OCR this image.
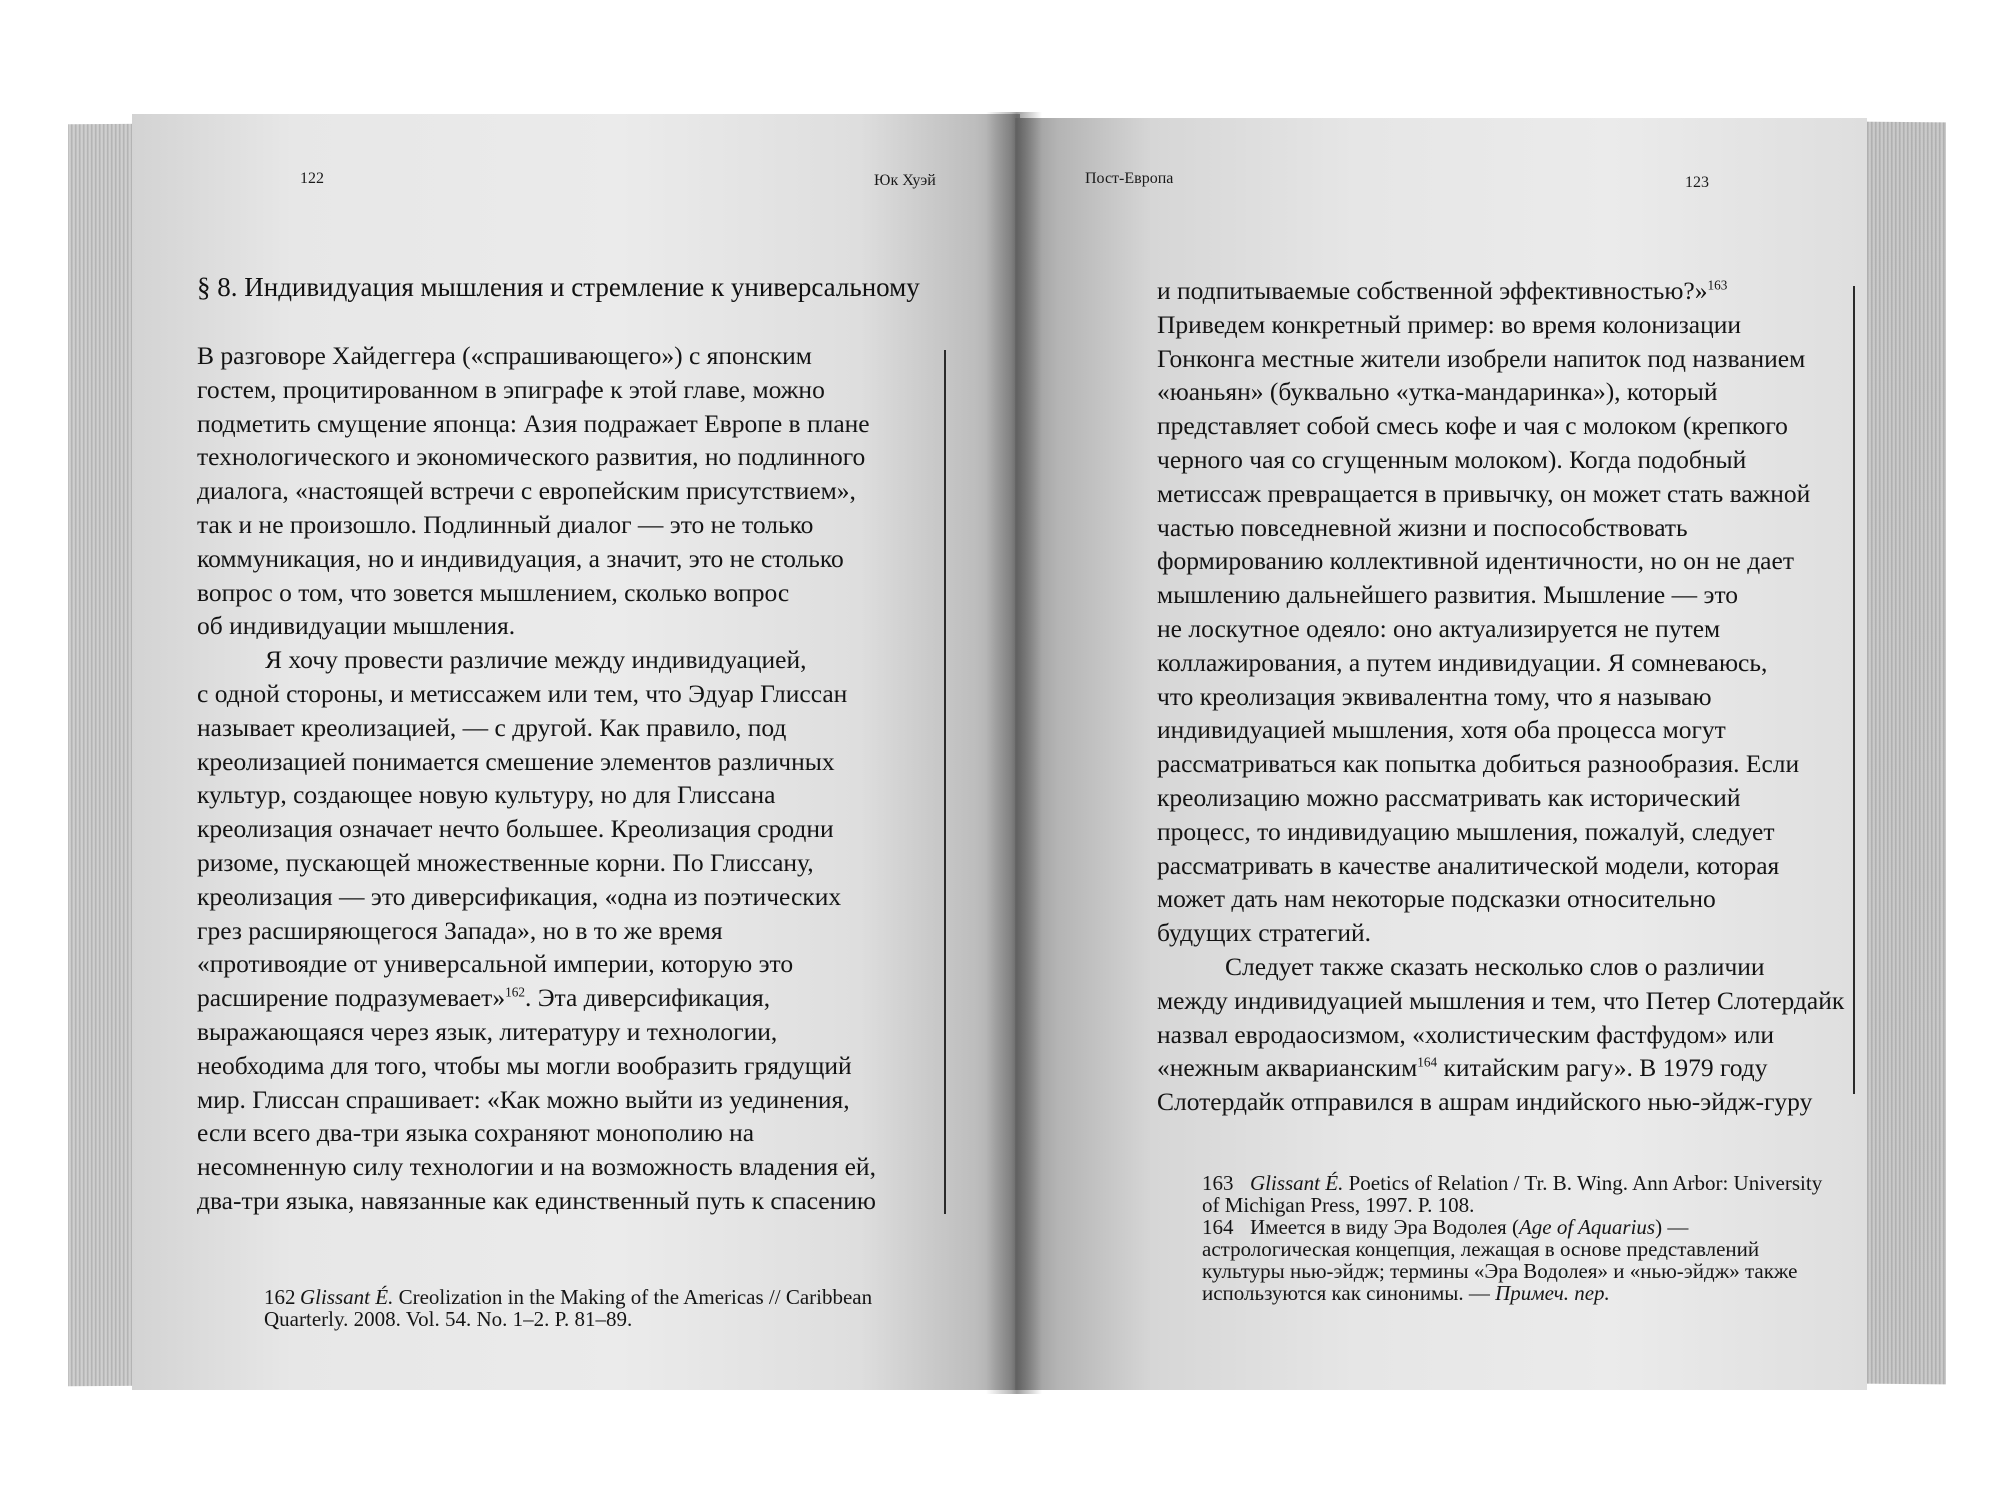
122	Юк Хуэй
§ 8. Индивидуация мышления и стремление к универсальному
В разговоре Хайдеггера («спрашивающего») с японским
гостем, процитированном в эпиграфе к этой главе, можно
подметить смущение японца: Азия подражает Европе в плане
технологического и экономического развития, но подлинного
диалога, «настоящей встречи с европейским присутствием»,
так и не произошло. Подлинный диалог — это не только
коммуникация, но и индивидуация, а значит, это не столько
вопрос о том, что зовется мышлением, сколько вопрос
об индивидуации мышления.
Я хочу провести различие между индивидуацией,
с одной стороны, и метиссажем или тем, что Эдуар Глиссан
называет креолизацией, — с другой. Как правило, под
креолизацией понимается смешение элементов различных
культур, создающее новую культуру, но для Глиссана
креолизация означает нечто большее. Креолизация сродни
ризоме, пускающей множественные корни. По Глиссану,
креолизация — это диверсификация, «одна из поэтических
грез расширяющегося Запада», но в то же время
«противоядие от универсальной империи, которую это
расширение подразумевает»$^{162}$. Эта диверсификация,
выражающаяся через язык, литературу и технологии,
необходима для того, чтобы мы могли вообразить грядущий
мир. Глиссан спрашивает: «Как можно выйти из уединения,
если всего два-три языка сохраняют монополию на
несомненную силу технологии и на возможность владения ей,
два-три языка, навязанные как единственный путь к спасению
162 Glissant É. Creolization in the Making of the Americas // Caribbean
Quarterly. 2008. Vol. 54. No. 1–2. P. 81–89.
Пост-Европа	123
и подпитываемые собственной эффективностью?»$^{163}$
Приведем конкретный пример: во время колонизации
Гонконга местные жители изобрели напиток под названием
«юаньян» (буквально «утка-мандаринка»), который
представляет собой смесь кофе и чая с молоком (крепкого
черного чая со сгущенным молоком). Когда подобный
метиссаж превращается в привычку, он может стать важной
частью повседневной жизни и поспособствовать
формированию коллективной идентичности, но он не дает
мышлению дальнейшего развития. Мышление — это
не лоскутное одеяло: оно актуализируется не путем
коллажирования, а путем индивидуации. Я сомневаюсь,
что креолизация эквивалентна тому, что я называю
индивидуацией мышления, хотя оба процесса могут
рассматриваться как попытка добиться разнообразия. Если
креолизацию можно рассматривать как исторический
процесс, то индивидуацию мышления, пожалуй, следует
рассматривать в качестве аналитической модели, которая
может дать нам некоторые подсказки относительно
будущих стратегий.
Следует также сказать несколько слов о различии
между индивидуацией мышления и тем, что Петер Слотердайк
назвал евродаосизмом, «холистическим фастфудом» или
«нежным акварианским$^{164}$ китайским рагу». В 1979 году
Слотердайк отправился в ашрам индийского нью-эйдж-гуру
163 Glissant É. Poetics of Relation / Tr. B. Wing. Ann Arbor: University
of Michigan Press, 1997. P. 108.
164 Имеется в виду Эра Водолея (Age of Aquarius) —
астрологическая концепция, лежащая в основе представлений
культуры нью-эйдж; термины «Эра Водолея» и «нью-эйдж» также
используются как синонимы. — Примеч. пер.
